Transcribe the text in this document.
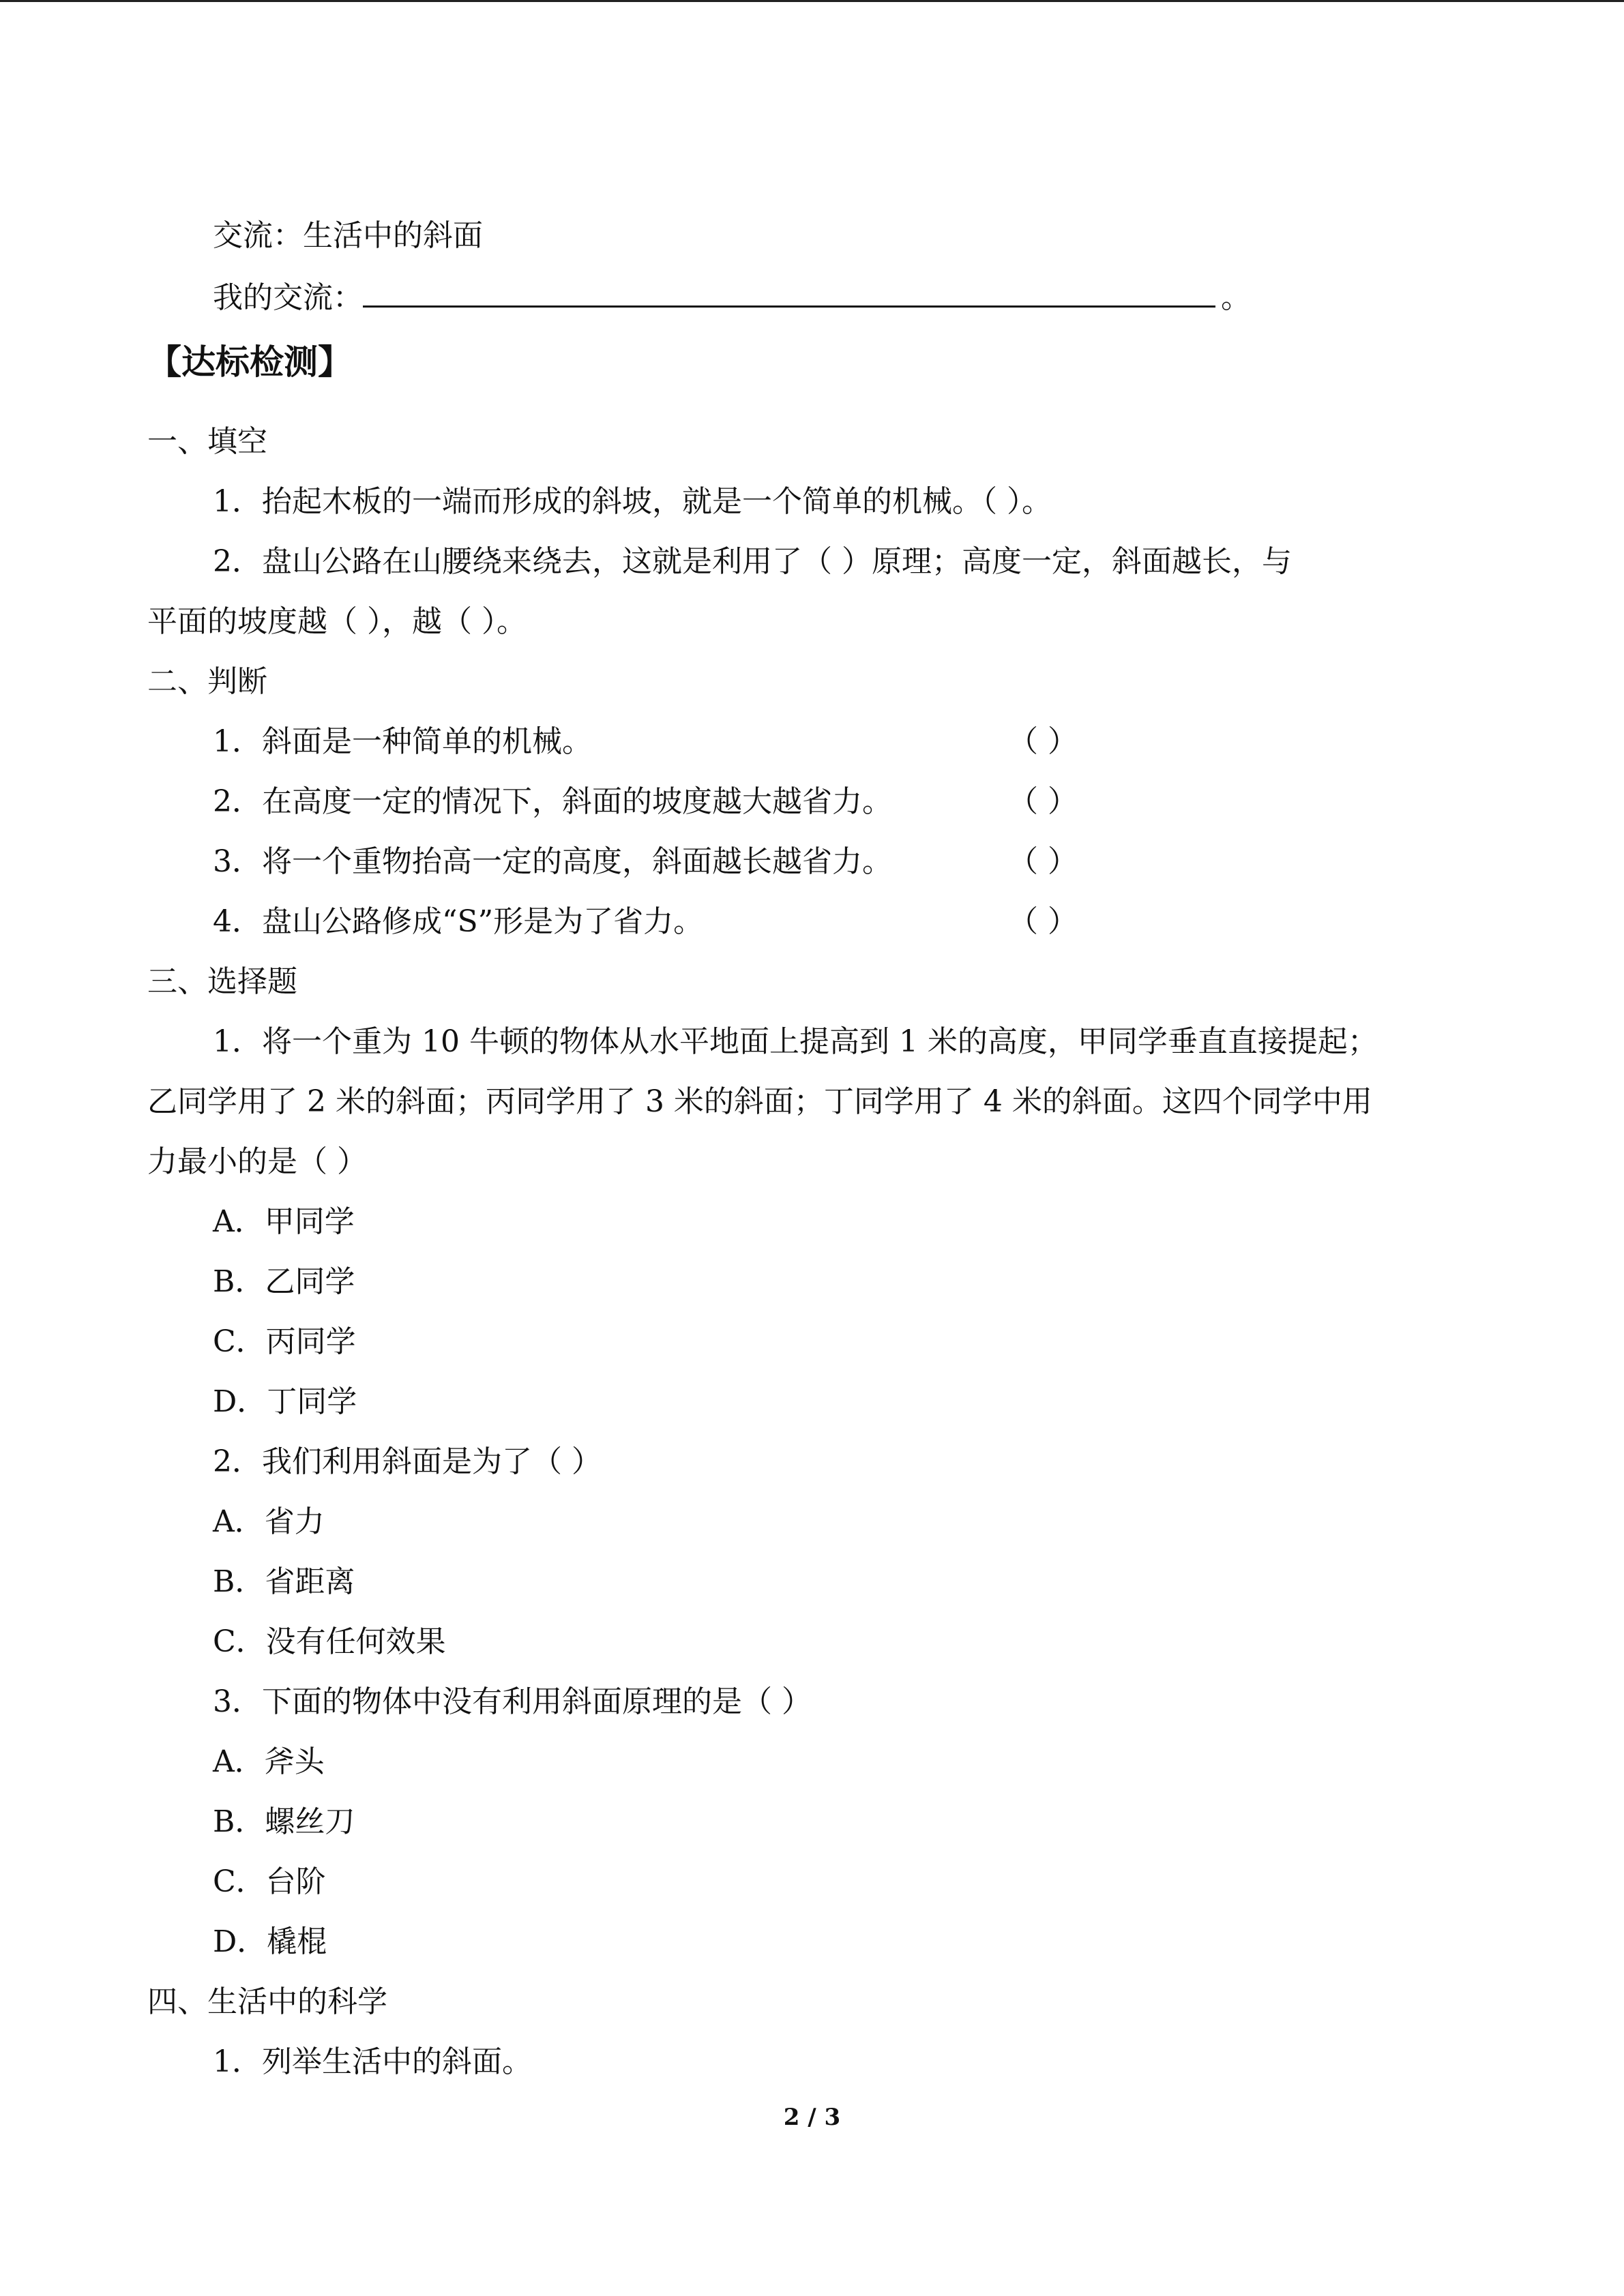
交流：生活中的斜面
我的交流：	。
【达标检测】
一、填空
1．抬起木板的一端而形成的斜坡，就是一个简单的机械。（ ）。
2．盘山公路在山腰绕来绕去，这就是利用了（ ）原理；高度一定，斜面越长，与
平面的坡度越（ ），越（ ）。
二、判断
1．斜面是一种简单的机械。	（ ）
2．在高度一定的情况下，斜面的坡度越大越省力。	（ ）
3．将一个重物抬高一定的高度，斜面越长越省力。	（ ）
4．盘山公路修成“S”形是为了省力。	（ ）
三、选择题
1．将一个重为 10 牛顿的物体从水平地面上提高到 1 米的高度，甲同学垂直直接提起；
乙同学用了 2 米的斜面；丙同学用了 3 米的斜面；丁同学用了 4 米的斜面。这四个同学中用
力最小的是（ ）
A．甲同学
B．乙同学
C．丙同学
D．丁同学
2．我们利用斜面是为了（ ）
A．省力
B．省距离
C．没有任何效果
3．下面的物体中没有利用斜面原理的是（ ）
A．斧头
B．螺丝刀
C．台阶
D．橇棍
四、生活中的科学
1．列举生活中的斜面。
2 / 3
